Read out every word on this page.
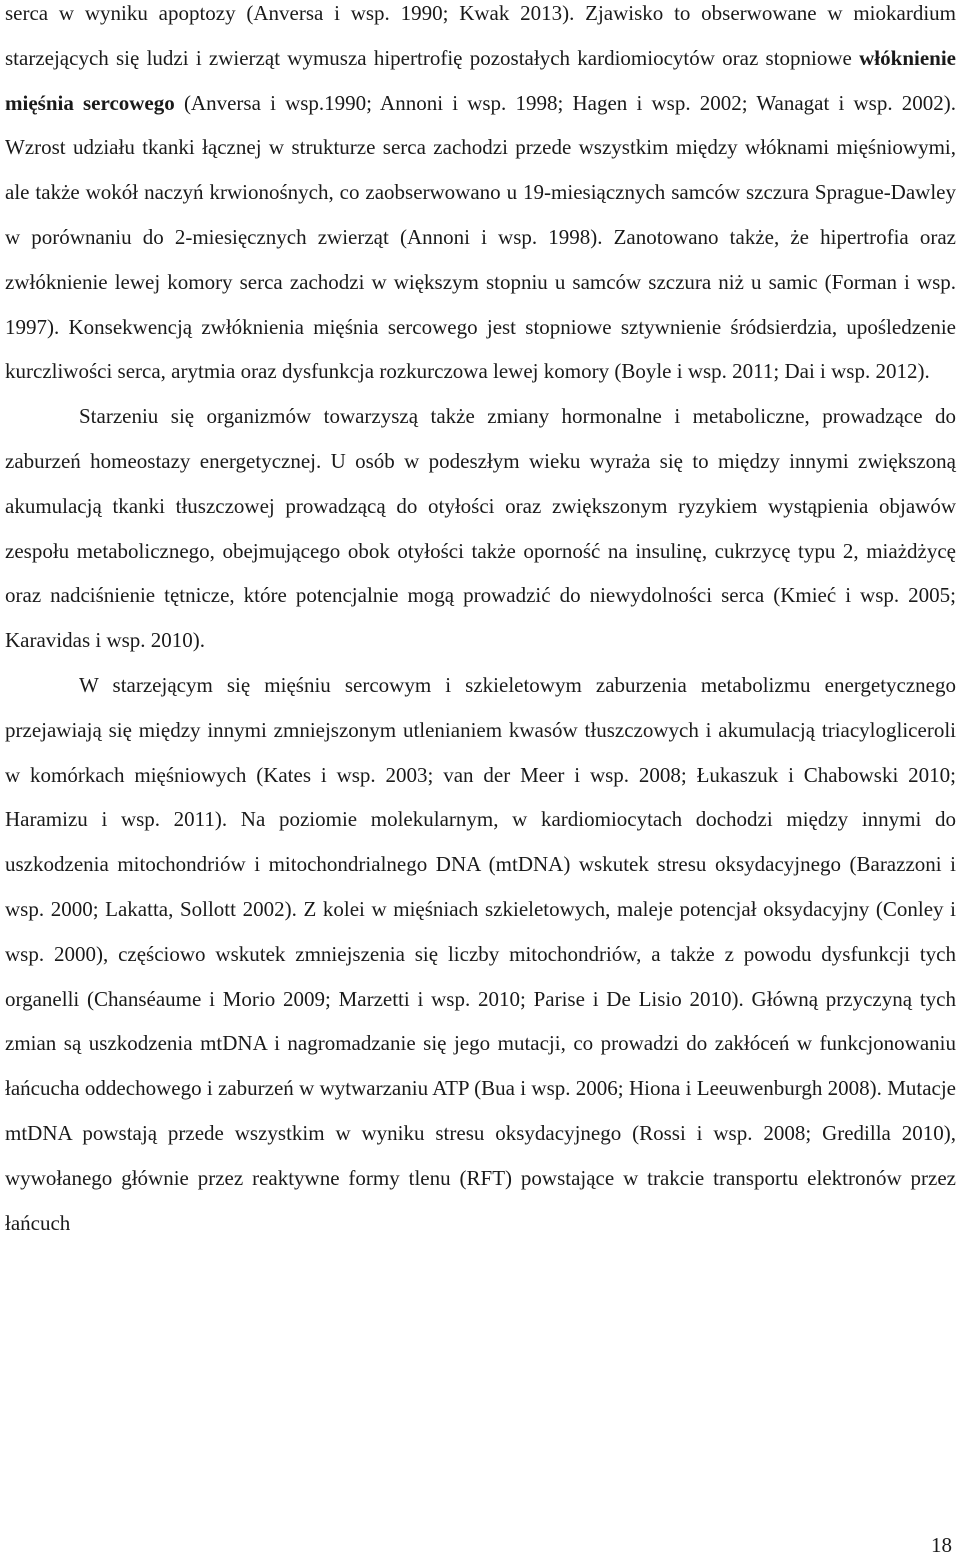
serca w wyniku apoptozy (Anversa i wsp. 1990; Kwak 2013). Zjawisko to obserwowane w miokardium starzejących się ludzi i zwierząt wymusza hipertrofię pozostałych kardiomiocytów oraz stopniowe włóknienie mięśnia sercowego (Anversa i wsp.1990; Annoni i wsp. 1998; Hagen i wsp. 2002; Wanagat i wsp. 2002). Wzrost udziału tkanki łącznej w strukturze serca zachodzi przede wszystkim między włóknami mięśniowymi, ale także wokół naczyń krwionośnych, co zaobserwowano u 19-miesiącznych samców szczura Sprague-Dawley w porównaniu do 2-miesięcznych zwierząt (Annoni i wsp. 1998). Zanotowano także, że hipertrofia oraz zwłóknienie lewej komory serca zachodzi w większym stopniu u samców szczura niż u samic (Forman i wsp. 1997). Konsekwencją zwłóknienia mięśnia sercowego jest stopniowe sztywnienie śródsierdzia, upośledzenie kurczliwości serca, arytmia oraz dysfunkcja rozkurczowa lewej komory (Boyle i wsp. 2011; Dai i wsp. 2012).

Starzeniu się organizmów towarzyszą także zmiany hormonalne i metaboliczne, prowadzące do zaburzeń homeostazy energetycznej. U osób w podeszłym wieku wyraża się to między innymi zwiększoną akumulacją tkanki tłuszczowej prowadzącą do otyłości oraz zwiększonym ryzykiem wystąpienia objawów zespołu metabolicznego, obejmującego obok otyłości także oporność na insulinę, cukrzycę typu 2, miażdżycę oraz nadciśnienie tętnicze, które potencjalnie mogą prowadzić do niewydolności serca (Kmieć i wsp. 2005; Karavidas i wsp. 2010).

W starzejącym się mięśniu sercowym i szkieletowym zaburzenia metabolizmu energetycznego przejawiają się między innymi zmniejszonym utlenianiem kwasów tłuszczowych i akumulacją triacylogliceroli w komórkach mięśniowych (Kates i wsp. 2003; van der Meer i wsp. 2008; Łukaszuk i Chabowski 2010; Haramizu i wsp. 2011). Na poziomie molekularnym, w kardiomiocytach dochodzi między innymi do uszkodzenia mitochondriów i mitochondrialnego DNA (mtDNA) wskutek stresu oksydacyjnego (Barazzoni i wsp. 2000; Lakatta, Sollott 2002). Z kolei w mięśniach szkieletowych, maleje potencjał oksydacyjny (Conley i wsp. 2000), częściowo wskutek zmniejszenia się liczby mitochondriów, a także z powodu dysfunkcji tych organelli (Chanséaume i Morio 2009; Marzetti i wsp. 2010; Parise i De Lisio 2010). Główną przyczyną tych zmian są uszkodzenia mtDNA i nagromadzanie się jego mutacji, co prowadzi do zakłóceń w funkcjonowaniu łańcucha oddechowego i zaburzeń w wytwarzaniu ATP (Bua i wsp. 2006; Hiona i Leeuwenburgh 2008). Mutacje mtDNA powstają przede wszystkim w wyniku stresu oksydacyjnego (Rossi i wsp. 2008; Gredilla 2010), wywołanego głównie przez reaktywne formy tlenu (RFT) powstające w trakcie transportu elektronów przez łańcuch

18
